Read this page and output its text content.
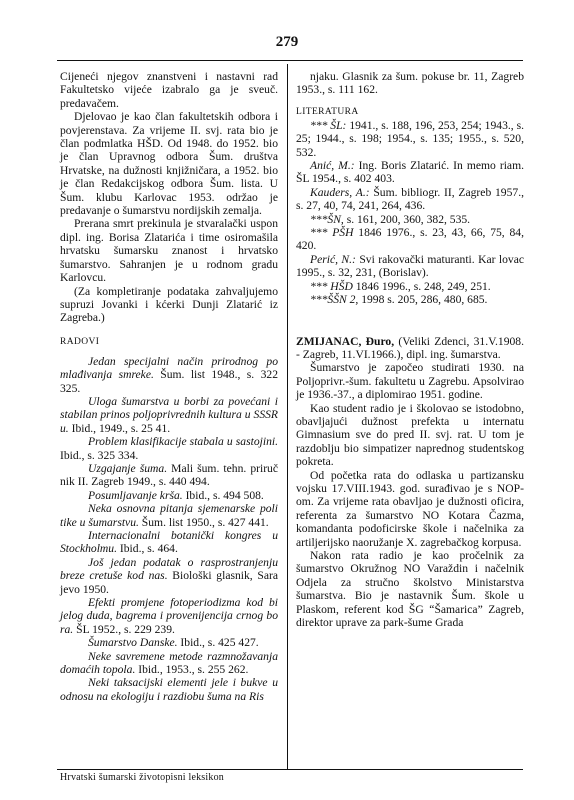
279

Cijeneći njegov znanstveni i nastavni rad Fakultetsko vijeće izabralo ga je sveuč. predavačem.

Djelovao je kao član fakultetskih odbora i povjerenstava. Za vrijeme II. svj. rata bio je član podmlatka HŠD. Od 1948. do 1952. bio je član Upravnog odbora Šum. društva Hrvatske, na dužnosti knjižničara, a 1952. bio je član Redakcijskog odbora Šum. lista. U Šum. klubu Karlovac 1953. održao je predavanje o šumarstvu nordijskih zemalja.

Prerana smrt prekinula je stvaralački uspon dipl. ing. Borisa Zlatarića i time osiromašila hrvatsku šumarsku znanost i hrvatsko šumarstvo. Sahranjen je u rodnom gradu Karlovcu.

(Za kompletiranje podataka zahvaljujemo supruzi Jovanki i kćerki Dunji Zlatarić iz Zagreba.)

RADOVI

Jedan specijalni način prirodnog po mlađivanja smreke. Šum. list 1948., s. 322 325.

Uloga šumarstva u borbi za povećani i stabilan prinos poljoprivrednih kultura u SSSR u. Ibid., 1949., s. 25 41.

Problem klasifikacije stabala u sastojini. Ibid., s. 325 334.

Uzgajanje šuma. Mali šum. tehn. priruč nik II. Zagreb 1949., s. 440 494.

Posumljavanje krša. Ibid., s. 494 508.

Neka osnovna pitanja sjemenarske poli tike u šumarstvu. Šum. list 1950., s. 427 441.

Internacionalni botanički kongres u Stockholmu. Ibid., s. 464.

Još jedan podatak o rasprostranjenju breze cretuše kod nas. Biološki glasnik, Sara jevo 1950.

Efekti promjene fotoperiodizma kod bi jelog duda, bagrema i provenijencija crnog bo ra. ŠL 1952., s. 229 239.

Šumarstvo Danske. Ibid., s. 425 427.

Neke savremene metode razmnožavanja domaćih topola. Ibid., 1953., s. 255 262.

Neki taksacijski elementi jele i bukve u odnosu na ekologiju i razdiobu šuma na Ris

njaku. Glasnik za šum. pokuse br. 11, Zagreb 1953., s. 111 162.

LITERATURA

*** ŠL: 1941., s. 188, 196, 253, 254; 1943., s. 25; 1944., s. 198; 1954., s. 135; 1955., s. 520, 532.

Anić, M.: Ing. Boris Zlatarić. In memo riam. ŠL 1954., s. 402 403.

Kauders, A.: Šum. bibliogr. II, Zagreb 1957., s. 27, 40, 74, 241, 264, 436.

***ŠN, s. 161, 200, 360, 382, 535.

*** PŠH 1846 1976., s. 23, 43, 66, 75, 84, 420.

Perić, N.: Svi rakovački maturanti. Kar lovac 1995., s. 32, 231, (Borislav).

*** HŠD 1846 1996., s. 248, 249, 251.

***ŠŠN 2, 1998 s. 205, 286, 480, 685.

ZMIJANAC, Đuro, (Veliki Zdenci, 31.V.1908. - Zagreb, 11.VI.1966.), dipl. ing. šumarstva.

Šumarstvo je započeo studirati 1930. na Poljoprivr.-šum. fakultetu u Zagrebu. Apsolvirao je 1936.-37., a diplomirao 1951. godine.

Kao student radio je i školovao se istodobno, obavljajući dužnost prefekta u internatu Gimnasium sve do pred II. svj. rat. U tom je razdoblju bio simpatizer naprednog studentskog pokreta.

Od početka rata do odlaska u partizansku vojsku 17.VIII.1943. god. surađivao je s NOP-om. Za vrijeme rata obavljao je dužnosti oficira, referenta za šumarstvo NO Kotara Čazma, komandanta podoficirske škole i načelnika za artiljerijsko naoružanje X. zagrebačkog korpusa.

Nakon rata radio je kao pročelnik za šumarstvo Okružnog NO Varaždin i načelnik Odjela za stručno školstvo Ministarstva šumarstva. Bio je nastavnik Šum. škole u Plaskom, referent kod ŠG “Šamarica” Zagreb, direktor uprave za park-šume Grada

Hrvatski šumarski životopisni leksikon
